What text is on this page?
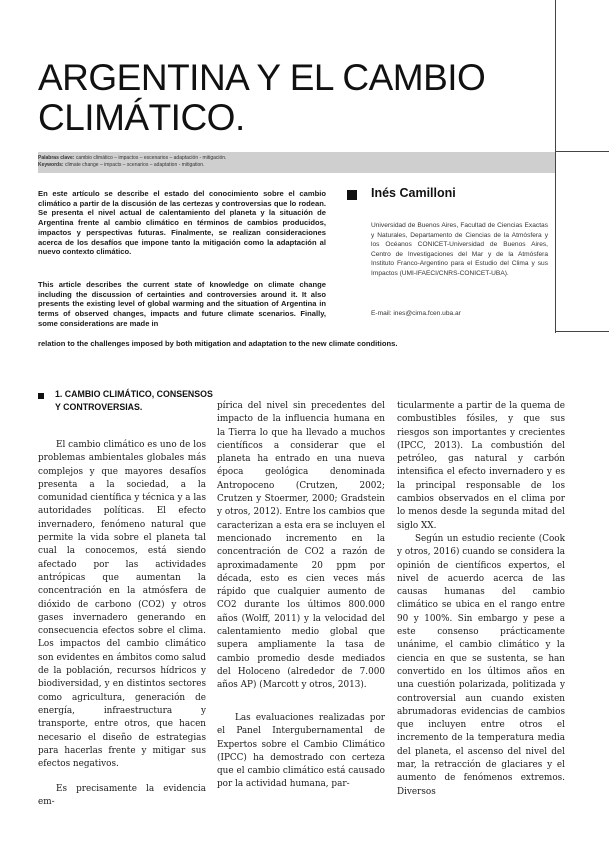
ARGENTINA Y EL CAMBIO CLIMÁTICO.
Palabras clave: cambio climático – impactos – escenarios – adaptación - mitigación.
Keywords: climate change – impacts – scenarios – adaptation - mitigation.

En este artículo se describe el estado del conocimiento sobre el cambio climático a partir de la discusión de las certezas y controversias que lo rodean. Se presenta el nivel actual de calentamiento del planeta y la situación de Argentina frente al cambio climático en términos de cambios producidos, impactos y perspectivas futuras. Finalmente, se realizan consideraciones acerca de los desafíos que impone tanto la mitigación como la adaptación al nuevo contexto climático.

This article describes the current state of knowledge on climate change including the discussion of certainties and controversies around it. It also presents the existing level of global warming and the situation of Argentina in terms of observed changes, impacts and future climate scenarios. Finally, some considerations are made in

relation to the challenges imposed by both mitigation and adaptation to the new climate conditions.

Inés Camilloni

Universidad de Buenos Aires, Facultad de Ciencias Exactas y Naturales, Departamento de Ciencias de la Atmósfera y los Océanos CONICET-Universidad de Buenos Aires, Centro de Investigaciones del Mar y de la Atmósfera Instituto Franco-Argentino para el Estudio del Clima y sus Impactos (UMI-IFAECI/CNRS-CONICET-UBA).

E-mail: ines@cima.fcen.uba.ar
1. CAMBIO CLIMÁTICO, CONSENSOS Y CONTROVERSIAS.

El cambio climático es uno de los problemas ambientales globales más complejos y que mayores desafíos presenta a la sociedad, a la comunidad científica y técnica y a las autoridades políticas. El efecto invernadero, fenómeno natural que permite la vida sobre el planeta tal cual la conocemos, está siendo afectado por las actividades antrópicas que aumentan la concentración en la atmósfera de dióxido de carbono (CO2) y otros gases invernadero generando en consecuencia efectos sobre el clima. Los impactos del cambio climático son evidentes en ámbitos como salud de la población, recursos hídricos y biodiversidad, y en distintos sectores como agricultura, generación de energía, infraestructura y transporte, entre otros, que hacen necesario el diseño de estrategias para hacerlas frente y mitigar sus efectos negativos.

Es precisamente la evidencia em-

pírica del nivel sin precedentes del impacto de la influencia humana en la Tierra lo que ha llevado a muchos científicos a considerar que el planeta ha entrado en una nueva época geológica denominada Antropoceno (Crutzen, 2002; Crutzen y Stoermer, 2000; Gradstein y otros, 2012). Entre los cambios que caracterizan a esta era se incluyen el mencionado incremento en la concentración de CO2 a razón de aproximadamente 20 ppm por década, esto es cien veces más rápido que cualquier aumento de CO2 durante los últimos 800.000 años (Wolff, 2011) y la velocidad del calentamiento medio global que supera ampliamente la tasa de cambio promedio desde mediados del Holoceno (alrededor de 7.000 años AP) (Marcott y otros, 2013).

Las evaluaciones realizadas por el Panel Intergubernamental de Expertos sobre el Cambio Climático (IPCC) ha demostrado con certeza que el cambio climático está causado por la actividad humana, par-

ticularmente a partir de la quema de combustibles fósiles, y que sus riesgos son importantes y crecientes (IPCC, 2013). La combustión del petróleo, gas natural y carbón intensifica el efecto invernadero y es la principal responsable de los cambios observados en el clima por lo menos desde la segunda mitad del siglo XX.

Según un estudio reciente (Cook y otros, 2016) cuando se considera la opinión de científicos expertos, el nivel de acuerdo acerca de las causas humanas del cambio climático se ubica en el rango entre 90 y 100%. Sin embargo y pese a este consenso prácticamente unánime, el cambio climático y la ciencia en que se sustenta, se han convertido en los últimos años en una cuestión polarizada, politizada y controversial aun cuando existen abrumadoras evidencias de cambios que incluyen entre otros el incremento de la temperatura media del planeta, el ascenso del nivel del mar, la retracción de glaciares y el aumento de fenómenos extremos. Diversos
